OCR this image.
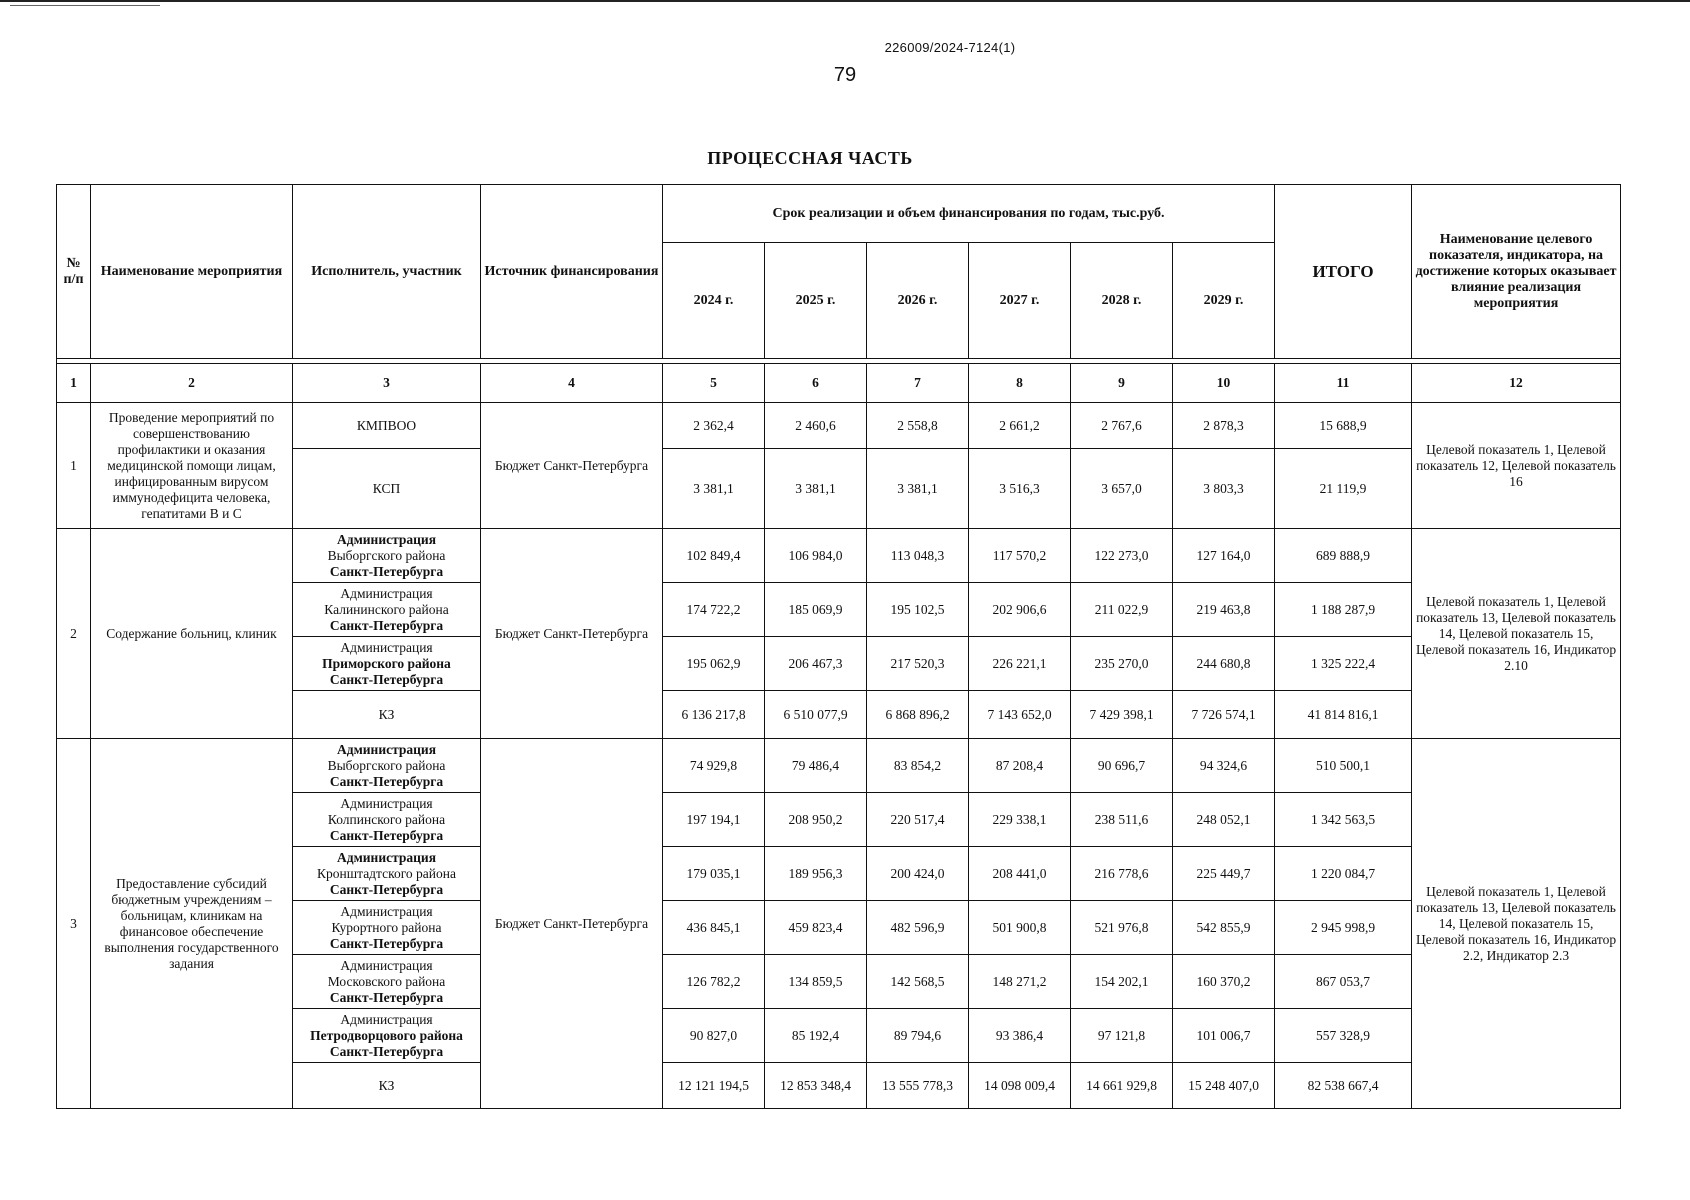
226009/2024-7124(1)
79
ПРОЦЕССНАЯ ЧАСТЬ
№ п/п	Наименование мероприятия	Исполнитель, участник	Источник финансирования	Срок реализации и объем финансирования по годам, тыс.руб.						ИТОГО	Наименование целевого показателя, индикатора, на достижение которых оказывает влияние реализация мероприятия
				2024 г.	2025 г.	2026 г.	2027 г.	2028 г.	2029 г.		

1	2	3	4	5	6	7	8	9	10	11	12
1	Проведение мероприятий по совершенствованию профилактики и оказания медицинской помощи лицам, инфицированным вирусом иммунодефицита человека, гепатитами В и С	КМПВОО	Бюджет Санкт-Петербурга	2 362,4	2 460,6	2 558,8	2 661,2	2 767,6	2 878,3	15 688,9	Целевой показатель 1, Целевой показатель 12, Целевой показатель 16

		КСП		3 381,1	3 381,1	3 381,1	3 516,3	3 657,0	3 803,3	21 119,9	
2	Содержание больниц, клиник	Администрация
Выборгского района
Санкт-Петербурга	Бюджет Санкт-Петербурга	102 849,4	106 984,0	113 048,3	117 570,2	122 273,0	127 164,0	689 888,9	Целевой показатель 1, Целевой показатель 13, Целевой показатель 14, Целевой показатель 15, Целевой показатель 16, Индикатор 2.10

		Администрация
Калининского района
Санкт-Петербурга		174 722,2	185 069,9	195 102,5	202 906,6	211 022,9	219 463,8	1 188 287,9	

		Администрация
Приморского района
Санкт-Петербурга		195 062,9	206 467,3	217 520,3	226 221,1	235 270,0	244 680,8	1 325 222,4	

		КЗ		6 136 217,8	6 510 077,9	6 868 896,2	7 143 652,0	7 429 398,1	7 726 574,1	41 814 816,1	
3	Предоставление субсидий бюджетным учреждениям – больницам, клиникам на финансовое обеспечение выполнения государственного задания	Администрация
Выборгского района
Санкт-Петербурга	Бюджет Санкт-Петербурга	74 929,8	79 486,4	83 854,2	87 208,4	90 696,7	94 324,6	510 500,1	Целевой показатель 1, Целевой показатель 13, Целевой показатель 14, Целевой показатель 15, Целевой показатель 16, Индикатор 2.2, Индикатор 2.3

		Администрация
Колпинского района
Санкт-Петербурга		197 194,1	208 950,2	220 517,4	229 338,1	238 511,6	248 052,1	1 342 563,5	

		Администрация
Кронштадтского района
Санкт-Петербурга		179 035,1	189 956,3	200 424,0	208 441,0	216 778,6	225 449,7	1 220 084,7	

		Администрация
Курортного района
Санкт-Петербурга		436 845,1	459 823,4	482 596,9	501 900,8	521 976,8	542 855,9	2 945 998,9	

		Администрация
Московского района
Санкт-Петербурга		126 782,2	134 859,5	142 568,5	148 271,2	154 202,1	160 370,2	867 053,7	

		Администрация
Петродворцового района
Санкт-Петербурга		90 827,0	85 192,4	89 794,6	93 386,4	97 121,8	101 006,7	557 328,9	

		КЗ		12 121 194,5	12 853 348,4	13 555 778,3	14 098 009,4	14 661 929,8	15 248 407,0	82 538 667,4	
